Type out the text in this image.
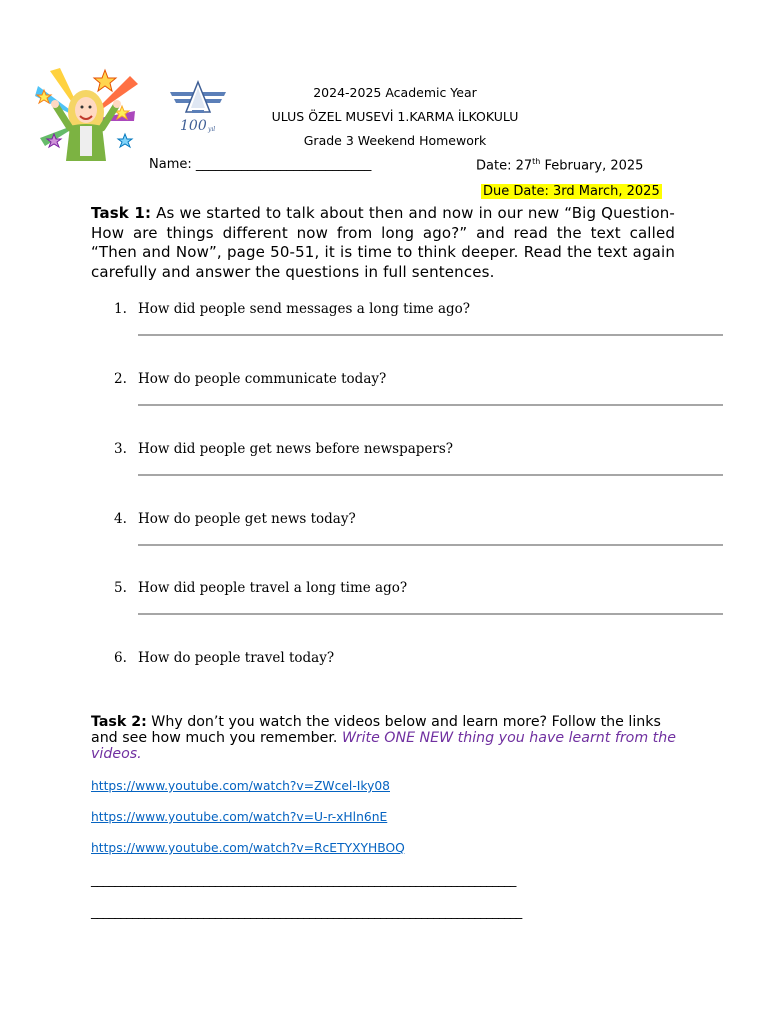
100 yıl
2024-2025 Academic Year
ULUS ÖZEL MUSEVİ 1.KARMA İLKOKULU
Grade 3 Weekend Homework
Name: ___________________________	Date: 27th February, 2025
Due Date: 3rd March, 2025
Task 1: As we started to talk about then and now in our new “Big Question- How are things different now from long ago?” and read the text called “Then and Now”, page 50-51, it is time to think deeper. Read the text again carefully and answer the questions in full sentences.
1. How did people send messages a long time ago?
2. How do people communicate today?
3. How did people get news before newspapers?
4. How do people get news today?
5. How did people travel a long time ago?
6. How do people travel today?
Task 2: Why don’t you watch the videos below and learn more? Follow the links and see how much you remember. Write ONE NEW thing you have learnt from the videos.
https://www.youtube.com/watch?v=ZWcel-Iky08
https://www.youtube.com/watch?v=U-r-xHln6nE
https://www.youtube.com/watch?v=RcETYXYHBOQ
________________________________________________________________________
_________________________________________________________________________
